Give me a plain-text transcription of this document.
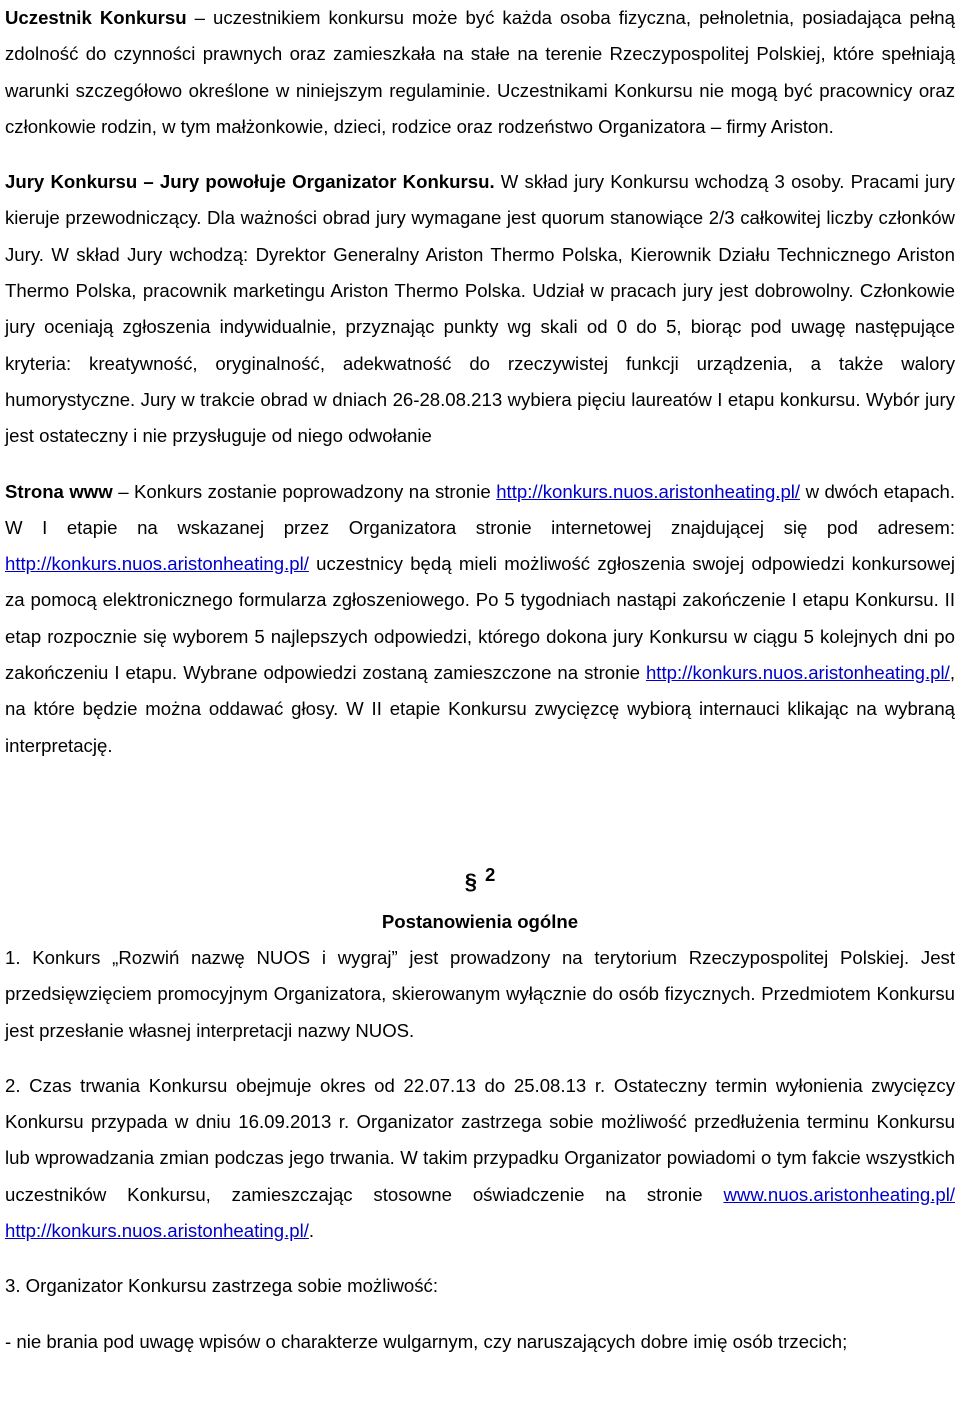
Uczestnik Konkursu – uczestnikiem konkursu może być każda osoba fizyczna, pełnoletnia, posiadająca pełną zdolność do czynności prawnych oraz zamieszkała na stałe na terenie Rzeczypospolitej Polskiej, które spełniają warunki szczegółowo określone w niniejszym regulaminie. Uczestnikami Konkursu nie mogą być pracownicy oraz członkowie rodzin, w tym małżonkowie, dzieci, rodzice oraz rodzeństwo Organizatora – firmy Ariston.

Jury Konkursu – Jury powołuje Organizator Konkursu. W skład jury Konkursu wchodzą 3 osoby. Pracami jury kieruje przewodniczący. Dla ważności obrad jury wymagane jest quorum stanowiące 2/3 całkowitej liczby członków Jury. W skład Jury wchodzą: Dyrektor Generalny Ariston Thermo Polska, Kierownik Działu Technicznego Ariston Thermo Polska, pracownik marketingu Ariston Thermo Polska. Udział w pracach jury jest dobrowolny. Członkowie jury oceniają zgłoszenia indywidualnie, przyznając punkty wg skali od 0 do 5, biorąc pod uwagę następujące kryteria: kreatywność, oryginalność, adekwatność do rzeczywistej funkcji urządzenia, a także walory humorystyczne. Jury w trakcie obrad w dniach 26-28.08.213 wybiera pięciu laureatów I etapu konkursu. Wybór jury jest ostateczny i nie przysługuje od niego odwołanie

Strona www – Konkurs zostanie poprowadzony na stronie http://konkurs.nuos.aristonheating.pl/ w dwóch etapach. W I etapie na wskazanej przez Organizatora stronie internetowej znajdującej się pod adresem: http://konkurs.nuos.aristonheating.pl/ uczestnicy będą mieli możliwość zgłoszenia swojej odpowiedzi konkursowej za pomocą elektronicznego formularza zgłoszeniowego. Po 5 tygodniach nastąpi zakończenie I etapu Konkursu. II etap rozpocznie się wyborem 5 najlepszych odpowiedzi, którego dokona jury Konkursu w ciągu 5 kolejnych dni po zakończeniu I etapu. Wybrane odpowiedzi zostaną zamieszczone na stronie http://konkurs.nuos.aristonheating.pl/, na które będzie można oddawać głosy. W II etapie Konkursu zwycięzcę wybiorą internauci klikając na wybraną interpretację.

§ 2
Postanowienia ogólne

1. Konkurs „Rozwiń nazwę NUOS i wygraj” jest prowadzony na terytorium Rzeczypospolitej Polskiej. Jest przedsięwzięciem promocyjnym Organizatora, skierowanym wyłącznie do osób fizycznych. Przedmiotem Konkursu jest przesłanie własnej interpretacji nazwy NUOS.

2. Czas trwania Konkursu obejmuje okres od 22.07.13 do 25.08.13 r. Ostateczny termin wyłonienia zwycięzcy Konkursu przypada w dniu 16.09.2013 r. Organizator zastrzega sobie możliwość przedłużenia terminu Konkursu lub wprowadzania zmian podczas jego trwania. W takim przypadku Organizator powiadomi o tym fakcie wszystkich uczestników Konkursu, zamieszczając stosowne oświadczenie na stronie www.nuos.aristonheating.pl/ http://konkurs.nuos.aristonheating.pl/.

3. Organizator Konkursu zastrzega sobie możliwość:

- nie brania pod uwagę wpisów o charakterze wulgarnym, czy naruszających dobre imię osób trzecich;
